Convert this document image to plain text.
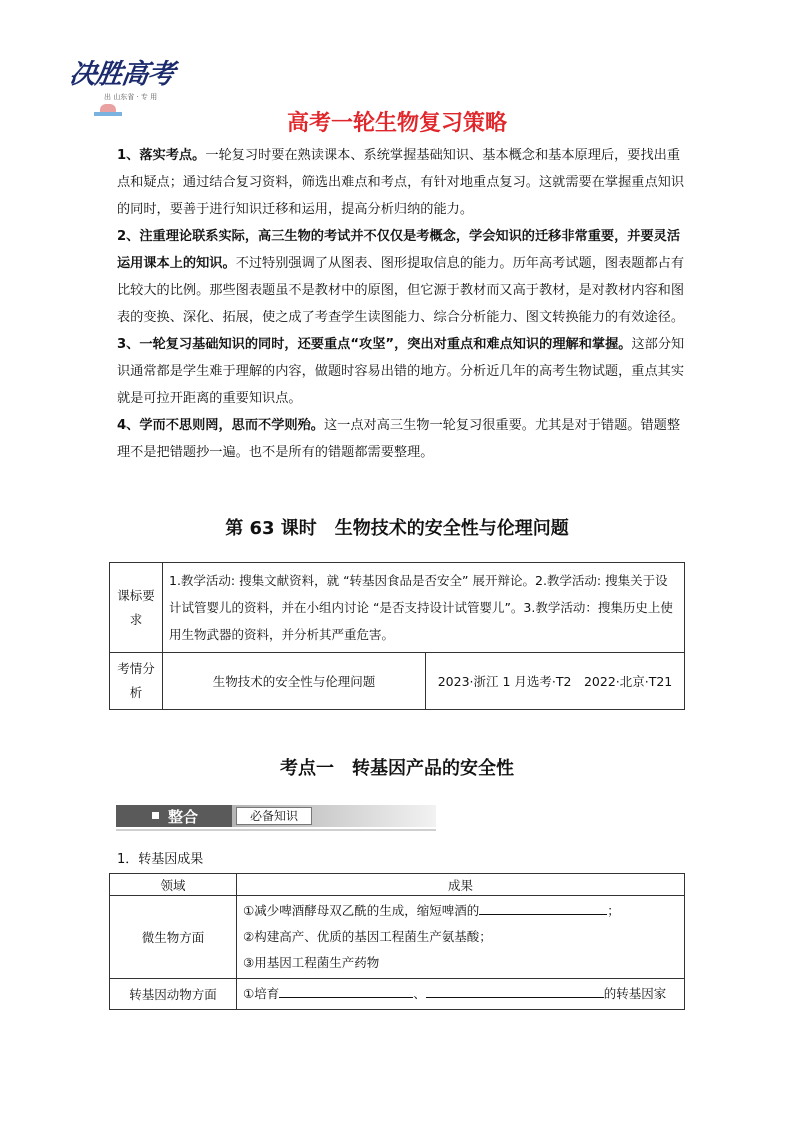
决胜高考
出 山东省 · 专 用
高考一轮生物复习策略

1、落实考点。一轮复习时要在熟读课本、系统掌握基础知识、基本概念和基本原理后，要找出重点和疑点；通过结合复习资料，筛选出难点和考点，有针对地重点复习。这就需要在掌握重点知识的同时，要善于进行知识迁移和运用，提高分析归纳的能力。

2、注重理论联系实际，高三生物的考试并不仅仅是考概念，学会知识的迁移非常重要，并要灵活运用课本上的知识。不过特别强调了从图表、图形提取信息的能力。历年高考试题，图表题都占有比较大的比例。那些图表题虽不是教材中的原图，但它源于教材而又高于教材，是对教材内容和图表的变换、深化、拓展，使之成了考查学生读图能力、综合分析能力、图文转换能力的有效途径。

3、一轮复习基础知识的同时，还要重点“攻坚”，突出对重点和难点知识的理解和掌握。这部分知识通常都是学生难于理解的内容，做题时容易出错的地方。分析近几年的高考生物试题，重点其实就是可拉开距离的重要知识点。

4、学而不思则罔，思而不学则殆。这一点对高三生物一轮复习很重要。尤其是对于错题。错题整理不是把错题抄一遍。也不是所有的错题都需要整理。

第 63 课时　生物技术的安全性与伦理问题
课标要求	1.教学活动: 搜集文献资料，就 “转基因食品是否安全” 展开辩论。2.教学活动: 搜集关于设计试管婴儿的资料，并在小组内讨论 “是否支持设计试管婴儿”。3.教学活动：搜集历史上使用生物武器的资料，并分析其严重危害。	
考情分析	生物技术的安全性与伦理问题	2023·浙江 1 月选考·T2　2022·北京·T21
考点一　转基因产品的安全性
整合	必备知识
1．转基因成果
领域	成果
微生物方面	①减少啤酒酵母双乙酰的生成，缩短啤酒的 ；
②构建高产、优质的基因工程菌生产氨基酸；
③用基因工程菌生产药物

转基因动物方面	①培育 、 的转基因家
